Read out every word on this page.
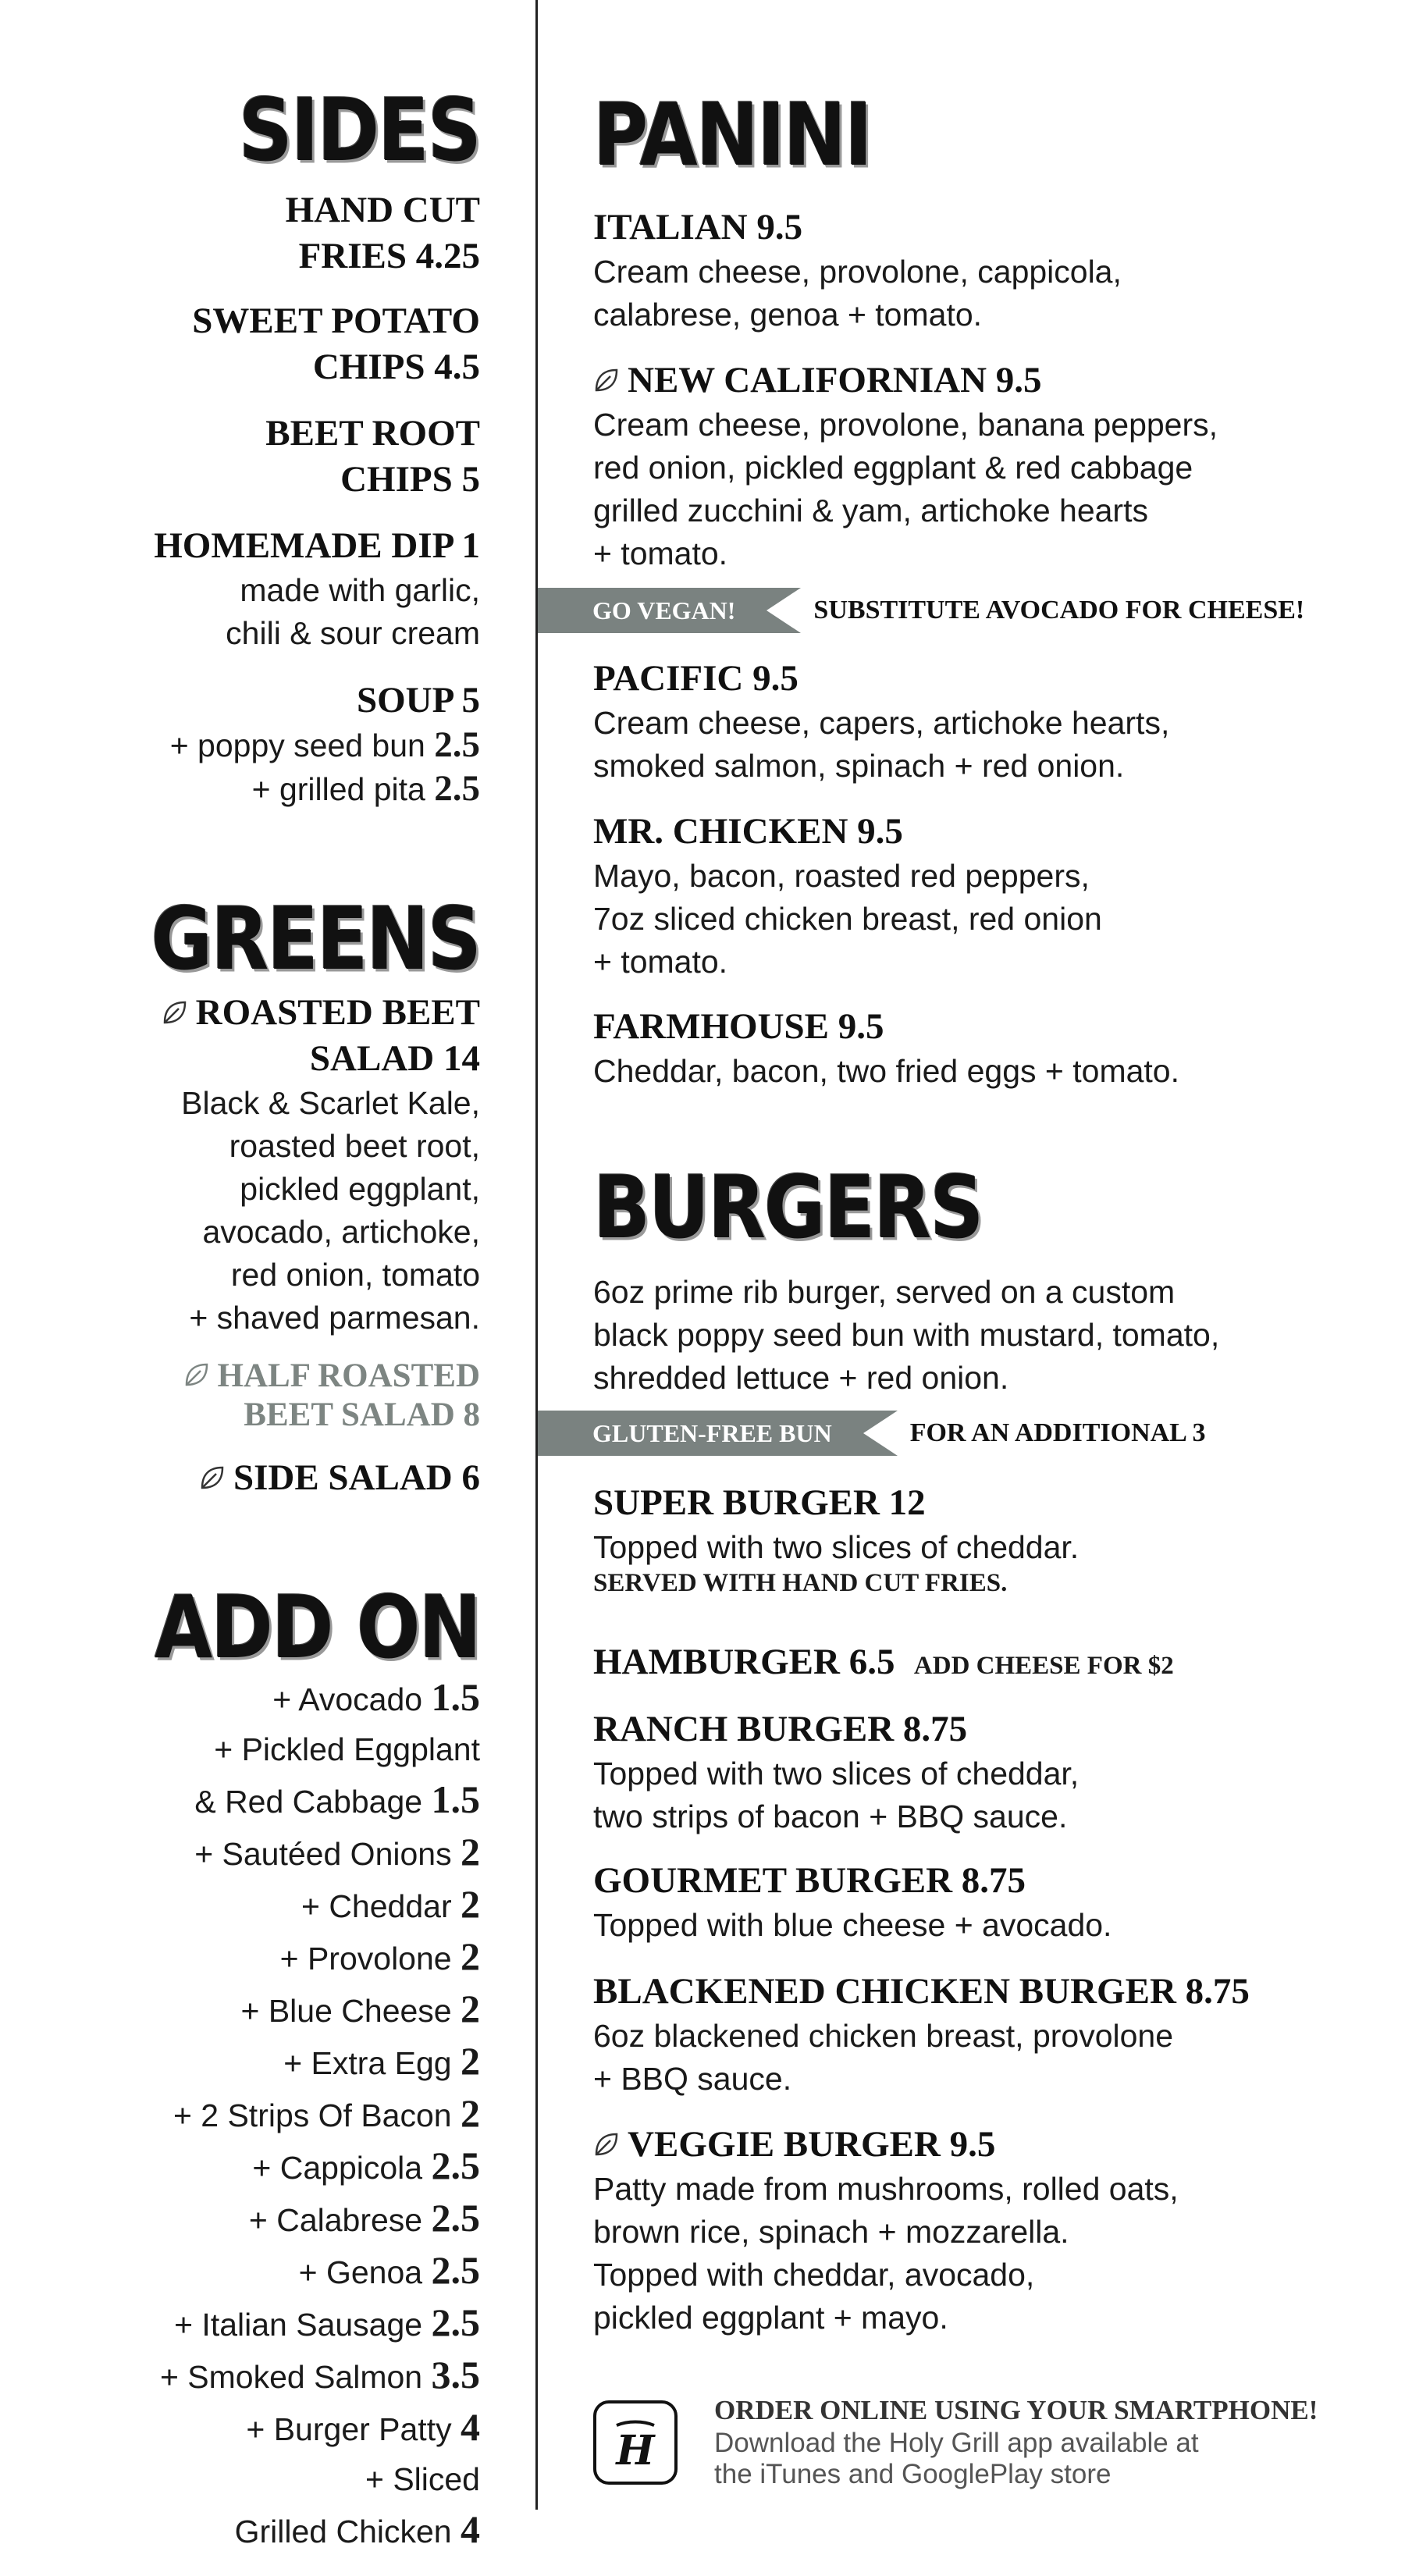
SIDES
HAND CUT
FRIES 4.25
SWEET POTATO
CHIPS 4.5
BEET ROOT
CHIPS 5
HOMEMADE DIP 1
made with garlic,
chili & sour cream
SOUP 5
+ poppy seed bun 2.5
+ grilled pita 2.5
GREENS
ROASTED BEET
SALAD 14
Black & Scarlet Kale,
roasted beet root,
pickled eggplant,
avocado, artichoke,
red onion, tomato
+ shaved parmesan.
HALF ROASTED
BEET SALAD 8
SIDE SALAD 6
ADD ON
+ Avocado 1.5
+ Pickled Eggplant
& Red Cabbage 1.5
+ Sautéed Onions 2
+ Cheddar 2
+ Provolone 2
+ Blue Cheese 2
+ Extra Egg 2
+ 2 Strips Of Bacon 2
+ Cappicola 2.5
+ Calabrese 2.5
+ Genoa 2.5
+ Italian Sausage 2.5
+ Smoked Salmon 3.5
+ Burger Patty 4
+ Sliced
Grilled Chicken 4
PANINI
ITALIAN 9.5
Cream cheese, provolone, cappicola,
calabrese, genoa + tomato.
NEW CALIFORNIAN 9.5
Cream cheese, provolone, banana peppers,
red onion, pickled eggplant & red cabbage
grilled zucchini & yam, artichoke hearts
+ tomato.
GO VEGAN!	SUBSTITUTE AVOCADO FOR CHEESE!
PACIFIC 9.5
Cream cheese, capers, artichoke hearts,
smoked salmon, spinach + red onion.
MR. CHICKEN 9.5
Mayo, bacon, roasted red peppers,
7oz sliced chicken breast, red onion
+ tomato.
FARMHOUSE 9.5
Cheddar, bacon, two fried eggs + tomato.
BURGERS
6oz prime rib burger, served on a custom
black poppy seed bun with mustard, tomato,
shredded lettuce + red onion.
GLUTEN-FREE BUN	FOR AN ADDITIONAL 3
SUPER BURGER 12
Topped with two slices of cheddar.
SERVED WITH HAND CUT FRIES.
HAMBURGER 6.5 ADD CHEESE FOR $2
RANCH BURGER 8.75
Topped with two slices of cheddar,
two strips of bacon + BBQ sauce.
GOURMET BURGER 8.75
Topped with blue cheese + avocado.
BLACKENED CHICKEN BURGER 8.75
6oz blackened chicken breast, provolone
+ BBQ sauce.
VEGGIE BURGER 9.5
Patty made from mushrooms, rolled oats,
brown rice, spinach + mozzarella.
Topped with cheddar, avocado,
pickled eggplant + mayo.
H
ORDER ONLINE USING YOUR SMARTPHONE!
Download the Holy Grill app available at
the iTunes and GooglePlay store
